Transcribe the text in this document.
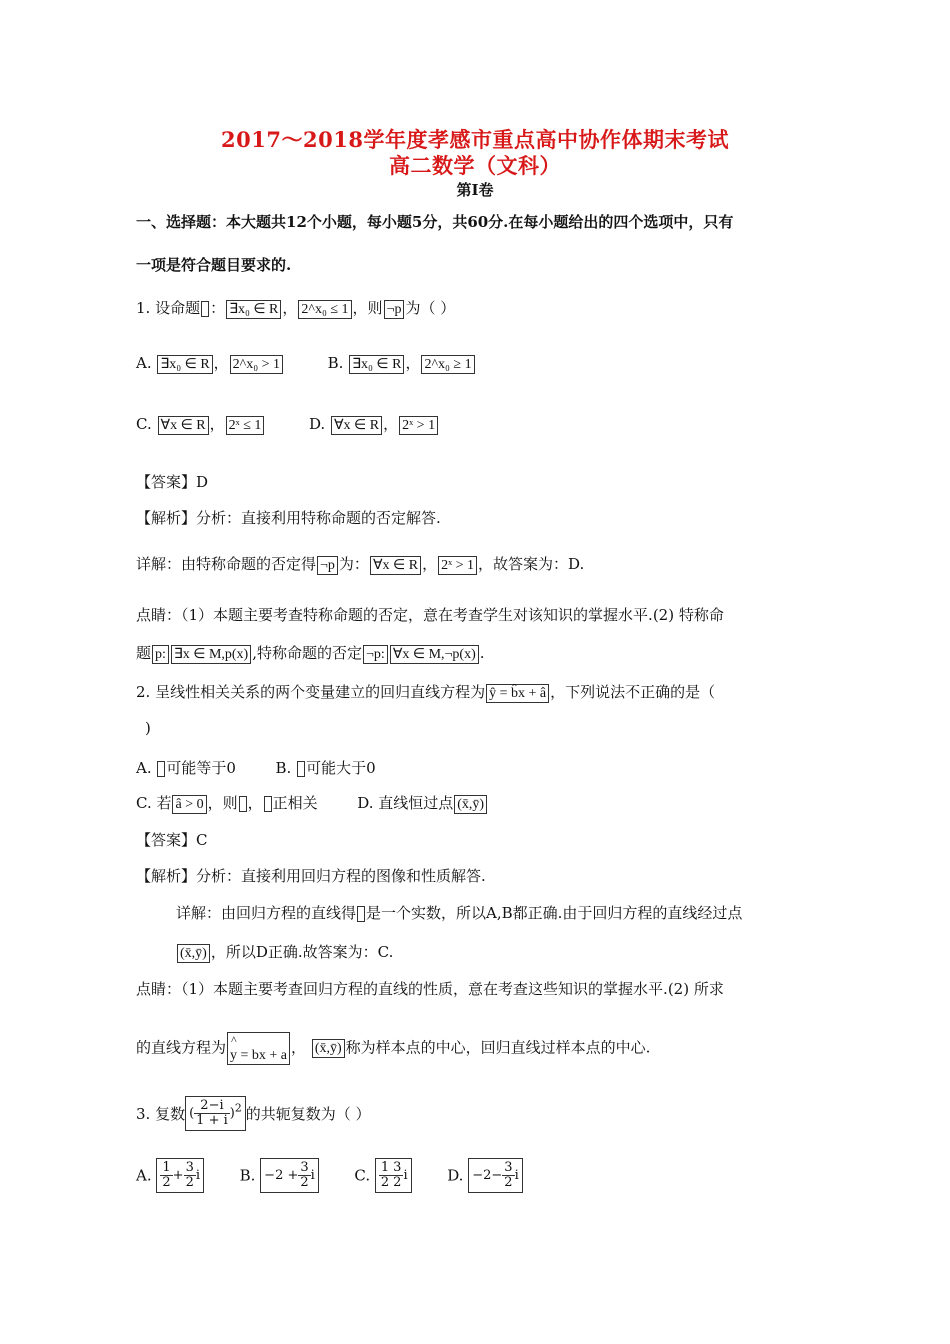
2017～2018学年度孝感市重点高中协作体期末考试
高二数学（文科）
第Ⅰ卷
一、选择题：本大题共12个小题，每小题5分，共60分.在每小题给出的四个选项中，只有
一项是符合题目要求的.
1. 设命题 ： ∃x₀ ∈ R ， 2^x₀ ≤ 1 ，则 ¬p 为（ ）
A. ∃x₀ ∈ R ， 2^x₀ > 1	B. ∃x₀ ∈ R ， 2^x₀ ≥ 1
C. ∀x ∈ R ， 2ˣ ≤ 1	D. ∀x ∈ R ， 2ˣ > 1
【答案】D
【解析】分析：直接利用特称命题的否定解答.
详解：由特称命题的否定得 ¬p 为： ∀x ∈ R ， 2ˣ > 1 ，故答案为：D.
点睛：（1）本题主要考查特称命题的否定，意在考查学生对该知识的掌握水平.(2) 特称命
题 p: ∃x ∈ M,p(x) ,特称命题的否定 ¬p: ∀x ∈ M,¬p(x) .
2. 呈线性相关关系的两个变量建立的回归直线方程为 ŷ = b̂x + â ，下列说法不正确的是（
)
A. 可能等于0	B. 可能大于0
C. 若 â > 0 ，则 ， 正相关	D. 直线恒过点 (x̄,ȳ)
【答案】C
【解析】分析：直接利用回归方程的图像和性质解答.
详解：由回归方程的直线得 是一个实数，所以A,B都正确.由于回归方程的直线经过点
(x̄,ȳ) ，所以D正确.故答案为：C.
点睛：（1）本题主要考查回归方程的直线的性质，意在考查这些知识的掌握水平.(2) 所求
的直线方程为 ^
y = bx + a ， (x̄,ȳ) 称为样本点的中心，回归直线过样本点的中心.
3. 复数 ( $\frac{2-i}{1 + i} )^2$ 的共轭复数为（ ）
A. $\frac{1}{2} + \frac{3}{2}$ i	B. $-2 + \frac{3}{2}$ i	C. $\frac{1}{2} \frac{3}{2}$ i	D. $-2- \frac{3}{2}$ i
